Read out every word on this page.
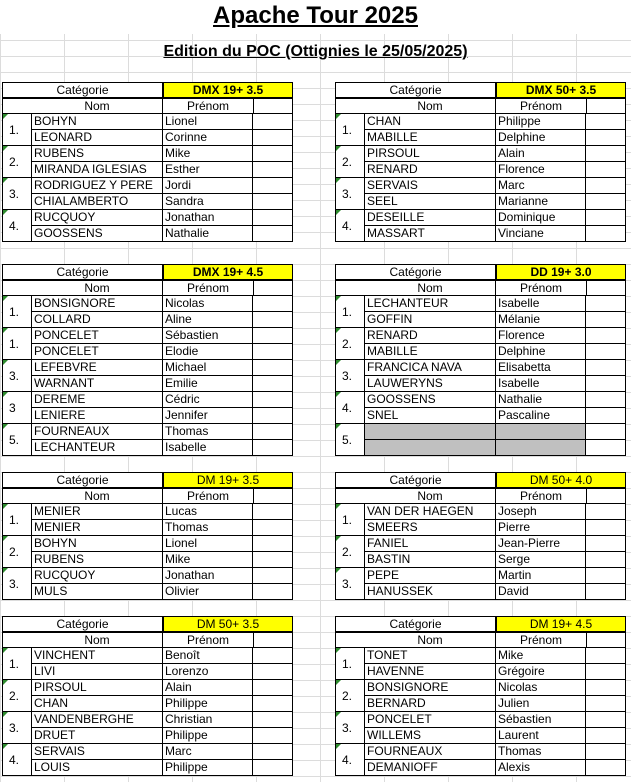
Apache Tour 2025
Edition du POC (Ottignies le 25/05/2025)
Catégorie	DMX 19+ 3.5
Nom	Prénom
1.
BOHYN	Lionel
LEONARD	Corinne
2.
RUBENS	Mike
MIRANDA IGLESIAS	Esther
3.
RODRIGUEZ Y PERE	Jordi
CHIALAMBERTO	Sandra
4.
RUCQUOY	Jonathan
GOOSSENS	Nathalie
Catégorie	DMX 50+ 3.5
Nom	Prénom
1.
CHAN	Philippe
MABILLE	Delphine
2.
PIRSOUL	Alain
RENARD	Florence
3.
SERVAIS	Marc
SEEL	Marianne
4.
DESEILLE	Dominique
MASSART	Vinciane
Catégorie	DMX 19+ 4.5
Nom	Prénom
1.
BONSIGNORE	Nicolas
COLLARD	Aline
1.
PONCELET	Sébastien
PONCELET	Elodie
3.
LEFEBVRE	Michael
WARNANT	Emilie
3
DEREME	Cédric
LENIERE	Jennifer
5.
FOURNEAUX	Thomas
LECHANTEUR	Isabelle
Catégorie	DD 19+ 3.0
Nom	Prénom
1.
LECHANTEUR	Isabelle
GOFFIN	Mélanie
2.
RENARD	Florence
MABILLE	Delphine
3.
FRANCICA NAVA	Elisabetta
LAUWERYNS	Isabelle
4.
GOOSSENS	Nathalie
SNEL	Pascaline
5.
Catégorie	DM 19+ 3.5
Nom	Prénom
1.
MENIER	Lucas
MENIER	Thomas
2.
BOHYN	Lionel
RUBENS	Mike
3.
RUCQUOY	Jonathan
MULS	Olivier
Catégorie	DM 50+ 4.0
Nom	Prénom
1.
VAN DER HAEGEN	Joseph
SMEERS	Pierre
2.
FANIEL	Jean-Pierre
BASTIN	Serge
3.
PEPE	Martin
HANUSSEK	David
Catégorie	DM 50+ 3.5
Nom	Prénom
1.
VINCHENT	Benoît
LIVI	Lorenzo
2.
PIRSOUL	Alain
CHAN	Philippe
3.
VANDENBERGHE	Christian
DRUET	Philippe
4.
SERVAIS	Marc
LOUIS	Philippe
Catégorie	DM 19+ 4.5
Nom	Prénom
1.
TONET	Mike
HAVENNE	Grégoire
2.
BONSIGNORE	Nicolas
BERNARD	Julien
3.
PONCELET	Sébastien
WILLEMS	Laurent
4.
FOURNEAUX	Thomas
DEMANIOFF	Alexis
